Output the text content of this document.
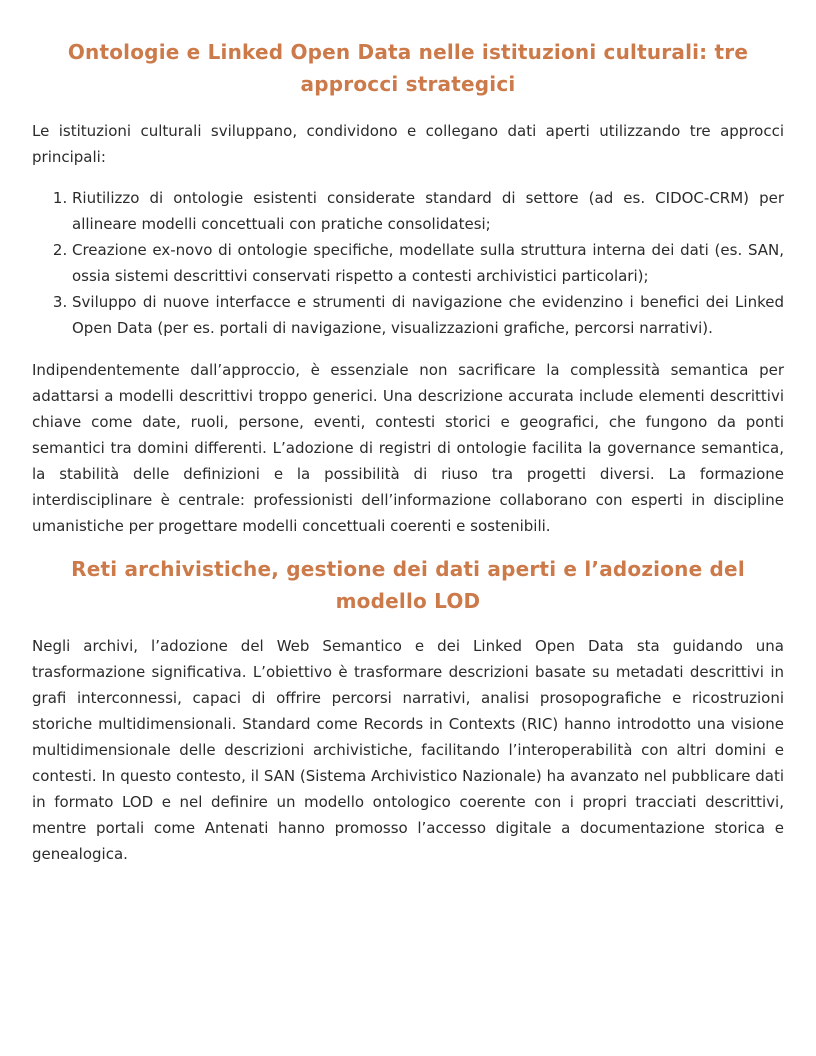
Ontologie e Linked Open Data nelle istituzioni culturali: tre approcci strategici

Le istituzioni culturali sviluppano, condividono e collegano dati aperti utilizzando tre approcci principali:

1. Riutilizzo di ontologie esistenti considerate standard di settore (ad es. CIDOC-CRM) per allineare modelli concettuali con pratiche consolidatesi;
2. Creazione ex-novo di ontologie specifiche, modellate sulla struttura interna dei dati (es. SAN, ossia sistemi descrittivi conservati rispetto a contesti archivistici particolari);
3. Sviluppo di nuove interfacce e strumenti di navigazione che evidenzino i benefici dei Linked Open Data (per es. portali di navigazione, visualizzazioni grafiche, percorsi narrativi).

Indipendentemente dall’approccio, è essenziale non sacrificare la complessità semantica per adattarsi a modelli descrittivi troppo generici. Una descrizione accurata include elementi descrittivi chiave come date, ruoli, persone, eventi, contesti storici e geografici, che fungono da ponti semantici tra domini differenti. L’adozione di registri di ontologie facilita la governance semantica, la stabilità delle definizioni e la possibilità di riuso tra progetti diversi. La formazione interdisciplinare è centrale: professionisti dell’informazione collaborano con esperti in discipline umanistiche per progettare modelli concettuali coerenti e sostenibili.

Reti archivistiche, gestione dei dati aperti e l’adozione del modello LOD

Negli archivi, l’adozione del Web Semantico e dei Linked Open Data sta guidando una trasformazione significativa. L’obiettivo è trasformare descrizioni basate su metadati descrittivi in grafi interconnessi, capaci di offrire percorsi narrativi, analisi prosopografiche e ricostruzioni storiche multidimensionali. Standard come Records in Contexts (RIC) hanno introdotto una visione multidimensionale delle descrizioni archivistiche, facilitando l’interoperabilità con altri domini e contesti. In questo contesto, il SAN (Sistema Archivistico Nazionale) ha avanzato nel pubblicare dati in formato LOD e nel definire un modello ontologico coerente con i propri tracciati descrittivi, mentre portali come Antenati hanno promosso l’accesso digitale a documentazione storica e genealogica.
